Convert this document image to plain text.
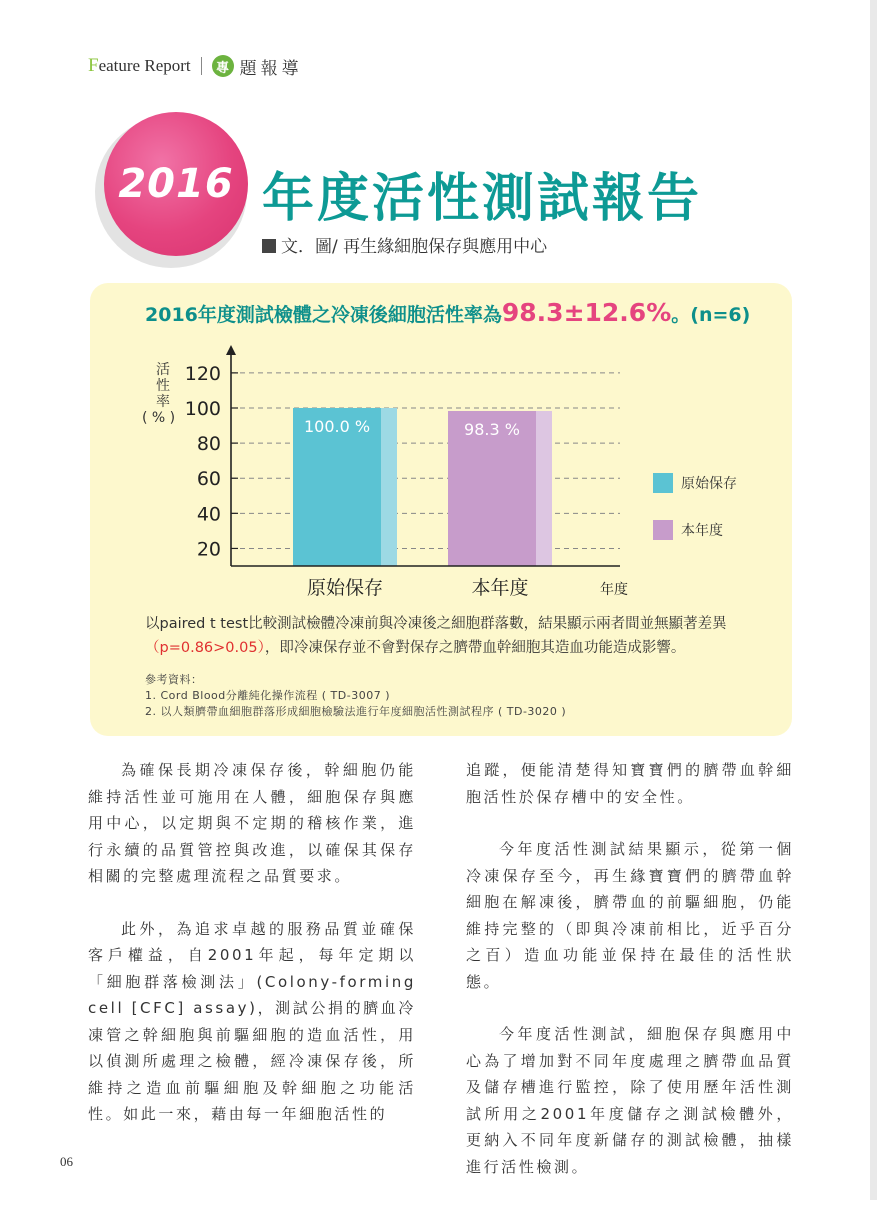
Feature Report	專 題報導
2016 年度活性測試報告
文．圖/ 再生緣細胞保存與應用中心
2016年度測試檢體之冷凍後細胞活性率為98.3±12.6%。(n=6)
活性率
( % )
20
40
60
80
100
120
100.0 %
原始保存
98.3 %
本年度	年度
原始保存
本年度
以paired t test比較測試檢體冷凍前與冷凍後之細胞群落數，結果顯示兩者間並無顯著差異
（p=0.86>0.05），即冷凍保存並不會對保存之臍帶血幹細胞其造血功能造成影響。
參考資料：
1. Cord Blood分離純化操作流程 ( TD-3007 )
2. 以人類臍帶血細胞群落形成細胞檢驗法進行年度細胞活性測試程序 ( TD-3020 )

為確保長期冷凍保存後，幹細胞仍能維持活性並可施用在人體，細胞保存與應用中心，以定期與不定期的稽核作業，進行永續的品質管控與改進，以確保其保存相關的完整處理流程之品質要求。

此外，為追求卓越的服務品質並確保客戶權益，自2001年起，每年定期以「細胞群落檢測法」(Colony-forming cell [CFC] assay)，測試公捐的臍血冷凍管之幹細胞與前驅細胞的造血活性，用以偵測所處理之檢體，經冷凍保存後，所維持之造血前驅細胞及幹細胞之功能活性。如此一來，藉由每一年細胞活性的

追蹤，便能清楚得知寶寶們的臍帶血幹細胞活性於保存槽中的安全性。

今年度活性測試結果顯示，從第一個冷凍保存至今，再生緣寶寶們的臍帶血幹細胞在解凍後，臍帶血的前驅細胞，仍能維持完整的（即與冷凍前相比，近乎百分之百）造血功能並保持在最佳的活性狀態。

今年度活性測試，細胞保存與應用中心為了增加對不同年度處理之臍帶血品質及儲存槽進行監控，除了使用歷年活性測試所用之2001年度儲存之測試檢體外，更納入不同年度新儲存的測試檢體，抽樣進行活性檢測。

06
